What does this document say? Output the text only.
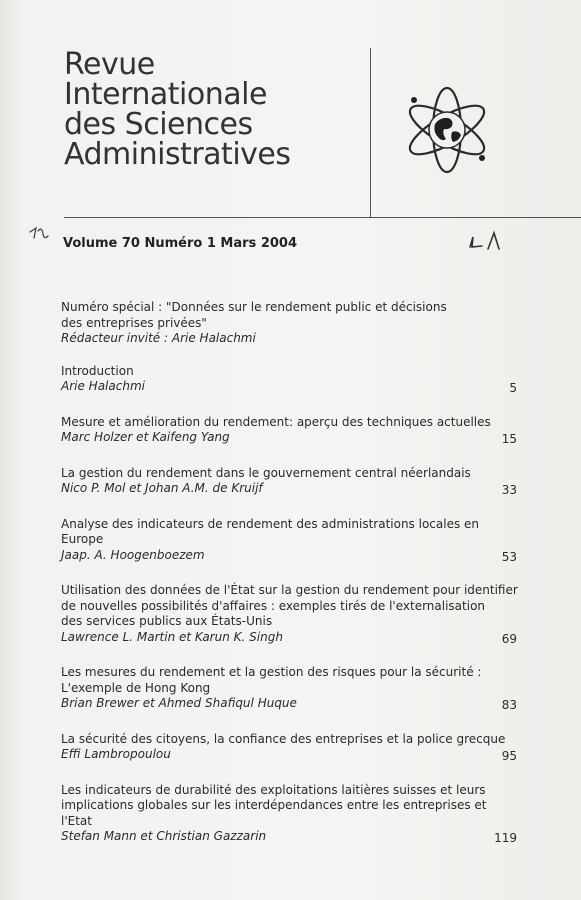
Revue
Internationale
des Sciences
Administratives
Volume 70 Numéro 1 Mars 2004
Numéro spécial : "Données sur le rendement public et décisions
des entreprises privées"
Rédacteur invité : Arie Halachmi
Introduction
Arie Halachmi	5
Mesure et amélioration du rendement: aperçu des techniques actuelles
Marc Holzer et Kaifeng Yang	15
La gestion du rendement dans le gouvernement central néerlandais
Nico P. Mol et Johan A.M. de Kruijf	33
Analyse des indicateurs de rendement des administrations locales en Europe
Jaap. A. Hoogenboezem	53
Utilisation des données de l'État sur la gestion du rendement pour identifier
de nouvelles possibilités d'affaires : exemples tirés de l'externalisation
des services publics aux États-Unis
Lawrence L. Martin et Karun K. Singh	69
Les mesures du rendement et la gestion des risques pour la sécurité :
L'exemple de Hong Kong
Brian Brewer et Ahmed Shafiqul Huque	83
La sécurité des citoyens, la confiance des entreprises et la police grecque
Effi Lambropoulou	95
Les indicateurs de durabilité des exploitations laitières suisses et leurs
implications globales sur les interdépendances entre les entreprises et l'Etat
Stefan Mann et Christian Gazzarin	119
